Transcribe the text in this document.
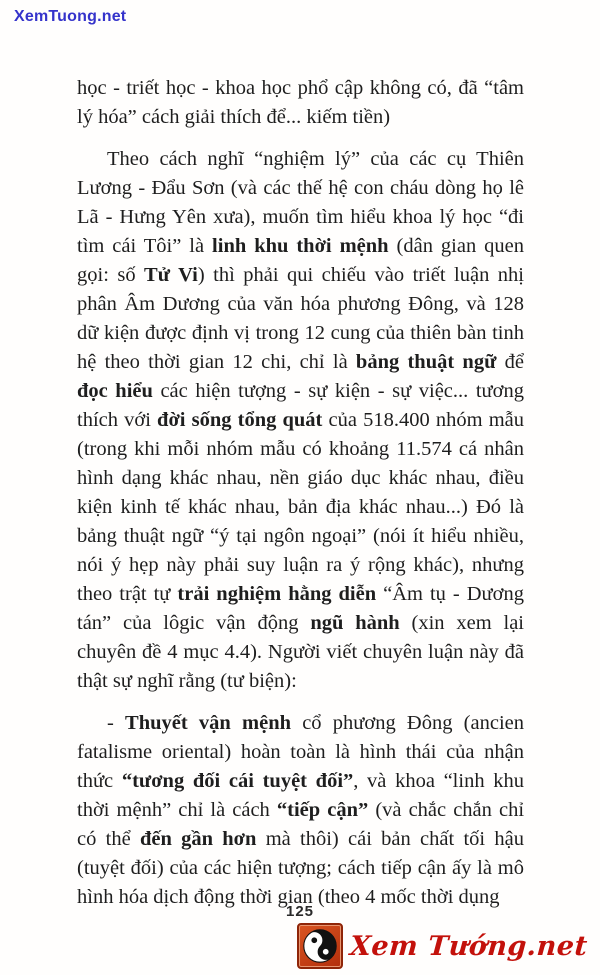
XemTuong.net

học - triết học - khoa học phổ cập không có, đã “tâm lý hóa” cách giải thích để... kiếm tiền)

Theo cách nghĩ “nghiệm lý” của các cụ Thiên Lương - Đẩu Sơn (và các thế hệ con cháu dòng họ lê Lã - Hưng Yên xưa), muốn tìm hiểu khoa lý học “đi tìm cái Tôi” là linh khu thời mệnh (dân gian quen gọi: số Tử Vi) thì phải qui chiếu vào triết luận nhị phân Âm Dương của văn hóa phương Đông, và 128 dữ kiện được định vị trong 12 cung của thiên bàn tinh hệ theo thời gian 12 chi, chỉ là bảng thuật ngữ để đọc hiểu các hiện tượng - sự kiện - sự việc... tương thích với đời sống tổng quát của 518.400 nhóm mẫu (trong khi mỗi nhóm mẫu có khoảng 11.574 cá nhân hình dạng khác nhau, nền giáo dục khác nhau, điều kiện kinh tế khác nhau, bản địa khác nhau...) Đó là bảng thuật ngữ “ý tại ngôn ngoại” (nói ít hiểu nhiều, nói ý hẹp này phải suy luận ra ý rộng khác), nhưng theo trật tự trải nghiệm hằng diễn “Âm tụ - Dương tán” của lôgic vận động ngũ hành (xin xem lại chuyên đề 4 mục 4.4). Người viết chuyên luận này đã thật sự nghĩ rằng (tư biện):

- Thuyết vận mệnh cổ phương Đông (ancien fatalisme oriental) hoàn toàn là hình thái của nhận thức “tương đối cái tuyệt đối”, và khoa “linh khu thời mệnh” chỉ là cách “tiếp cận” (và chắc chắn chỉ có thể đến gần hơn mà thôi) cái bản chất tối hậu (tuyệt đối) của các hiện tượng; cách tiếp cận ấy là mô hình hóa dịch động thời gian (theo 4 mốc thời dụng

125
Xem Tướng.net
